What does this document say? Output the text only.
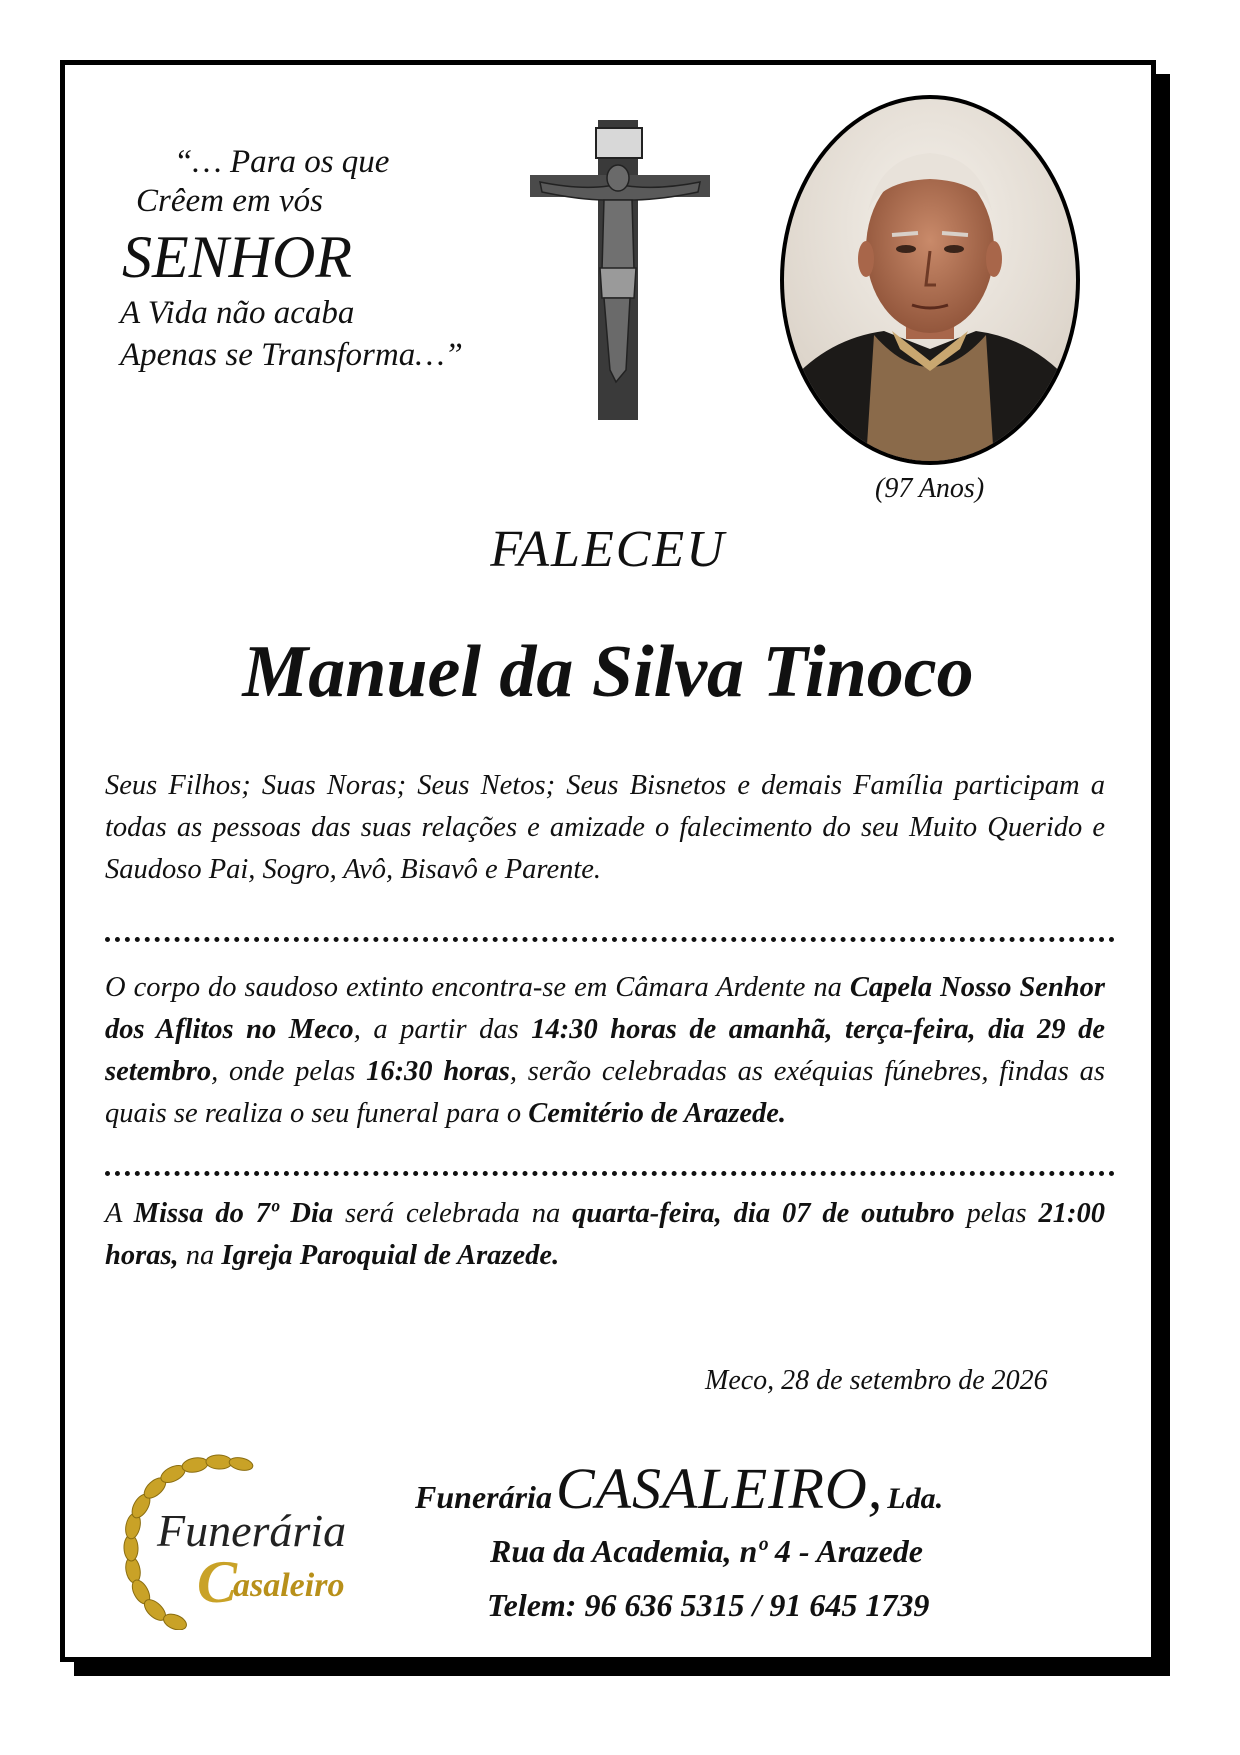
“… Para os que
Crêem em vós
SENHOR
A Vida não acaba
Apenas se Transforma…”
(97 Anos)
FALECEU
Manuel da Silva Tinoco
Seus Filhos; Suas Noras; Seus Netos; Seus Bisnetos e demais Família participam a todas as pessoas das suas relações e amizade o falecimento do seu Muito Querido e Saudoso Pai, Sogro, Avô, Bisavô e Parente.
O corpo do saudoso extinto encontra-se em Câmara Ardente na Capela Nosso Senhor dos Aflitos no Meco, a partir das 14:30 horas de amanhã, terça-feira, dia 29 de setembro, onde pelas 16:30 horas, serão celebradas as exéquias fúnebres, findas as quais se realiza o seu funeral para o Cemitério de Arazede.
A Missa do 7º Dia será celebrada na quarta-feira, dia 07 de outubro pelas 21:00 horas, na Igreja Paroquial de Arazede.
Meco, 28 de setembro de 2026
Funerária
asaleiro
C
Funerária CASALEIRO, Lda.
Rua da Academia, nº 4 - Arazede
Telem: 96 636 5315 / 91 645 1739
